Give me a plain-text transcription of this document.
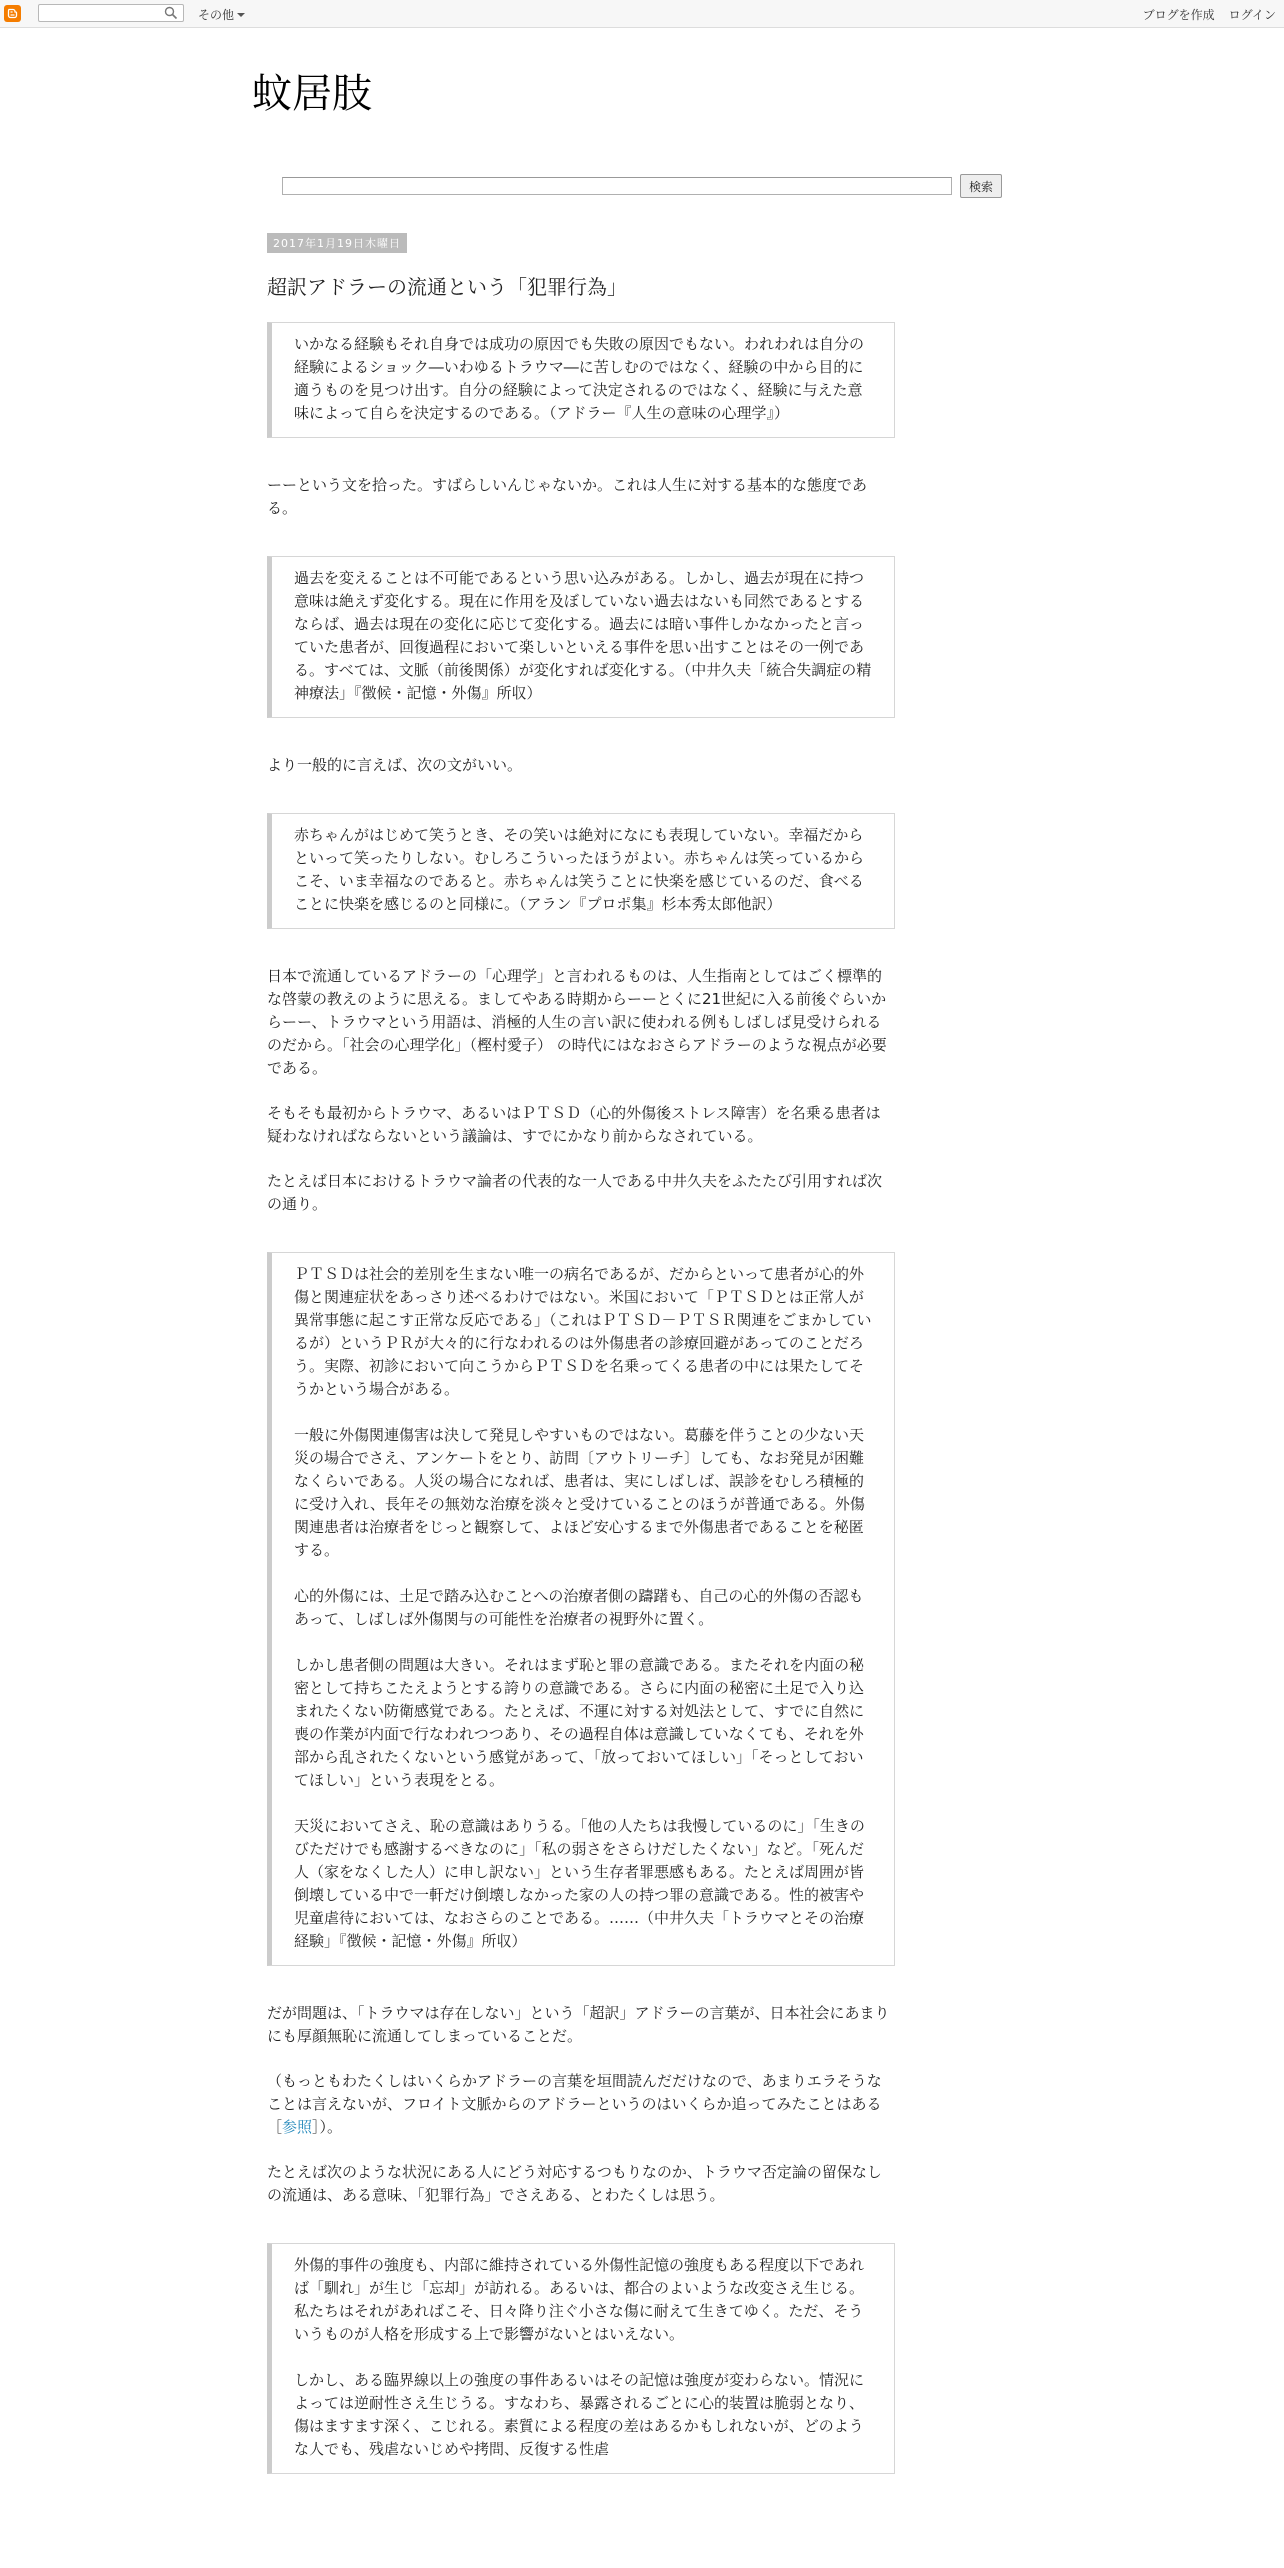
その他	ブログを作成 ログイン
蚊居肢
検索
2017年1月19日木曜日
超訳アドラーの流通という「犯罪行為」

いかなる経験もそれ自身では成功の原因でも失敗の原因でもない。われわれは自分の経験によるショック―いわゆるトラウマ―に苦しむのではなく、経験の中から目的に適うものを見つけ出す。自分の経験によって決定されるのではなく、経験に与えた意味によって自らを決定するのである。（アドラー『人生の意味の心理学』）

ーーという文を拾った。すばらしいんじゃないか。これは人生に対する基本的な態度である。

過去を変えることは不可能であるという思い込みがある。しかし、過去が現在に持つ意味は絶えず変化する。現在に作用を及ぼしていない過去はないも同然であるとするならば、過去は現在の変化に応じて変化する。過去には暗い事件しかなかったと言っていた患者が、回復過程において楽しいといえる事件を思い出すことはその一例である。すべては、文脈（前後関係）が変化すれば変化する。（中井久夫「統合失調症の精神療法」『徴候・記憶・外傷』所収）

より一般的に言えば、次の文がいい。

赤ちゃんがはじめて笑うとき、その笑いは絶対になにも表現していない。幸福だからといって笑ったりしない。むしろこういったほうがよい。赤ちゃんは笑っているからこそ、いま幸福なのであると。赤ちゃんは笑うことに快楽を感じているのだ、食べることに快楽を感じるのと同様に。（アラン『プロポ集』杉本秀太郎他訳）

日本で流通しているアドラーの「心理学」と言われるものは、人生指南としてはごく標準的な啓蒙の教えのように思える。ましてやある時期からーーとくに21世紀に入る前後ぐらいからーー、トラウマという用語は、消極的人生の言い訳に使われる例もしばしば見受けられるのだから。「社会の心理学化」（樫村愛子） の時代にはなおさらアドラーのような視点が必要である。

そもそも最初からトラウマ、あるいはＰＴＳＤ（心的外傷後ストレス障害）を名乗る患者は疑わなければならないという議論は、すでにかなり前からなされている。

たとえば日本におけるトラウマ論者の代表的な一人である中井久夫をふたたび引用すれば次の通り。

ＰＴＳＤは社会的差別を生まない唯一の病名であるが、だからといって患者が心的外傷と関連症状をあっさり述べるわけではない。米国において「ＰＴＳＤとは正常人が異常事態に起こす正常な反応である」（これはＰＴＳＤ－ＰＴＳＲ関連をごまかしているが）というＰＲが大々的に行なわれるのは外傷患者の診療回避があってのことだろう。実際、初診において向こうからＰＴＳＤを名乗ってくる患者の中には果たしてそうかという場合がある。

一般に外傷関連傷害は決して発見しやすいものではない。葛藤を伴うことの少ない天災の場合でさえ、アンケートをとり、訪問〔アウトリーチ〕しても、なお発見が困難なくらいである。人災の場合になれば、患者は、実にしばしば、誤診をむしろ積極的に受け入れ、長年その無効な治療を淡々と受けていることのほうが普通である。外傷関連患者は治療者をじっと観察して、よほど安心するまで外傷患者であることを秘匿する。

心的外傷には、土足で踏み込むことへの治療者側の躊躇も、自己の心的外傷の否認もあって、しばしば外傷関与の可能性を治療者の視野外に置く。

しかし患者側の問題は大きい。それはまず恥と罪の意識である。またそれを内面の秘密として持ちこたえようとする誇りの意識である。さらに内面の秘密に土足で入り込まれたくない防衛感覚である。たとえば、不運に対する対処法として、すでに自然に喪の作業が内面で行なわれつつあり、その過程自体は意識していなくても、それを外部から乱されたくないという感覚があって、「放っておいてほしい」「そっとしておいてほしい」という表現をとる。

天災においてさえ、恥の意識はありうる。「他の人たちは我慢しているのに」「生きのびただけでも感謝するべきなのに」「私の弱さをさらけだしたくない」など。「死んだ人（家をなくした人）に申し訳ない」という生存者罪悪感もある。たとえば周囲が皆倒壊している中で一軒だけ倒壊しなかった家の人の持つ罪の意識である。性的被害や児童虐待においては、なおさらのことである。……（中井久夫「トラウマとその治療経験」『徴候・記憶・外傷』所収）

だが問題は、「トラウマは存在しない」という「超訳」アドラーの言葉が、日本社会にあまりにも厚顔無恥に流通してしまっていることだ。

（もっともわたくしはいくらかアドラーの言葉を垣間読んだだけなので、あまりエラそうなことは言えないが、フロイト文脈からのアドラーというのはいくらか追ってみたことはある［参照］）。

たとえば次のような状況にある人にどう対応するつもりなのか、トラウマ否定論の留保なしの流通は、ある意味、「犯罪行為」でさえある、とわたくしは思う。

外傷的事件の強度も、内部に維持されている外傷性記憶の強度もある程度以下であれば「馴れ」が生じ「忘却」が訪れる。あるいは、都合のよいような改変さえ生じる。私たちはそれがあればこそ、日々降り注ぐ小さな傷に耐えて生きてゆく。ただ、そういうものが人格を形成する上で影響がないとはいえない。

しかし、ある臨界線以上の強度の事件あるいはその記憶は強度が変わらない。情況によっては逆耐性さえ生じうる。すなわち、暴露されるごとに心的装置は脆弱となり、傷はますます深く、こじれる。素質による程度の差はあるかもしれないが、どのような人でも、残虐ないじめや拷問、反復する性虐
